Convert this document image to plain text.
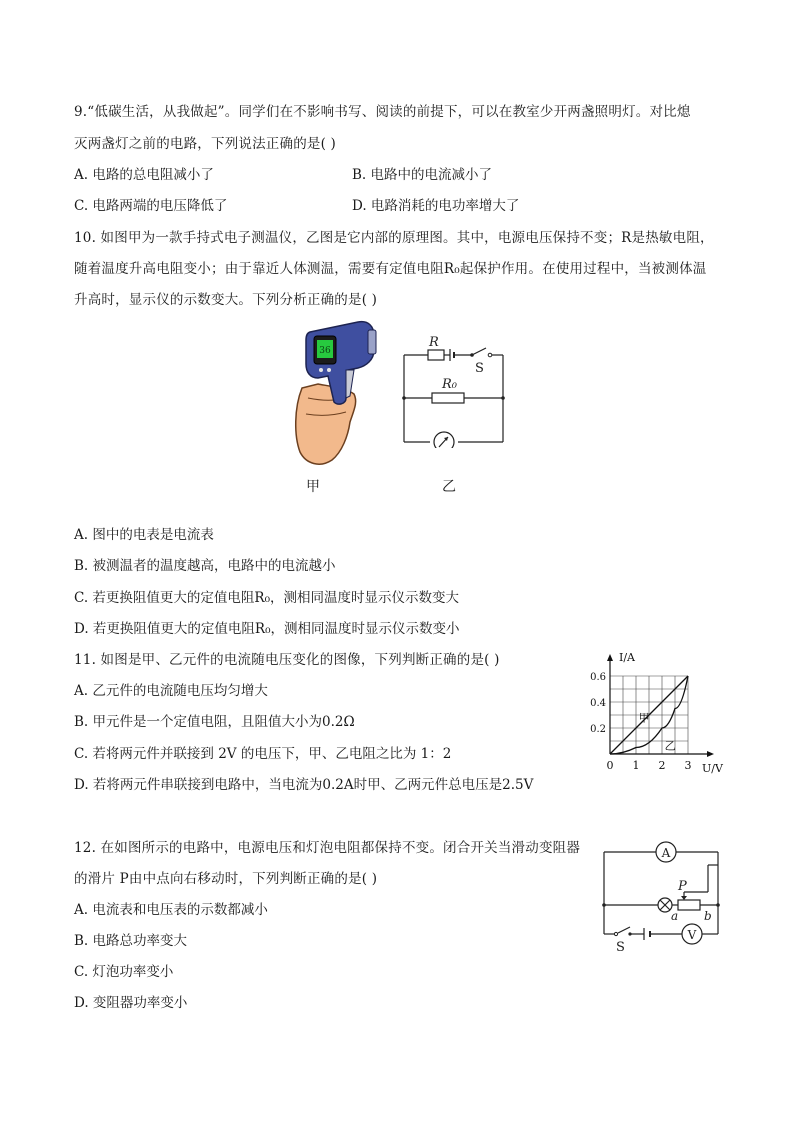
9.“低碳生活，从我做起”。同学们在不影响书写、阅读的前提下，可以在教室少开两盏照明灯。对比熄
灭两盏灯之前的电路，下列说法正确的是( )
A. 电路的总电阻减小了	B. 电路中的电流减小了
C. 电路两端的电压降低了	D. 电路消耗的电功率增大了
10. 如图甲为一款手持式电子测温仪，乙图是它内部的原理图。其中，电源电压保持不变；R是热敏电阻，
随着温度升高电阻变小；由于靠近人体测温，需要有定值电阻R₀起保护作用。在使用过程中，当被测体温
升高时，显示仪的示数变大。下列分析正确的是( )
36
甲
R
S
R₀
乙
A. 图中的电表是电流表
B. 被测温者的温度越高，电路中的电流越小
C. 若更换阻值更大的定值电阻R₀，测相同温度时显示仪示数变大
D. 若更换阻值更大的定值电阻R₀，测相同温度时显示仪示数变小
11. 如图是甲、乙元件的电流随电压变化的图像，下列判断正确的是( )
A. 乙元件的电流随电压均匀增大
B. 甲元件是一个定值电阻，且阻值大小为0.2Ω
C. 若将两元件并联接到 2V 的电压下，甲、乙电阻之比为 1：2
D. 若将两元件串联接到电路中，当电流为0.2A时甲、乙两元件总电压是2.5V
I/A
U/V
0 1 2 3
0.2
0.4
0.6
甲
乙
12. 在如图所示的电路中，电源电压和灯泡电阻都保持不变。闭合开关当滑动变阻器
的滑片 P由中点向右移动时，下列判断正确的是( )
A. 电流表和电压表的示数都减小
B. 电路总功率变大
C. 灯泡功率变小
D. 变阻器功率变小
A
V
P
a b
S
